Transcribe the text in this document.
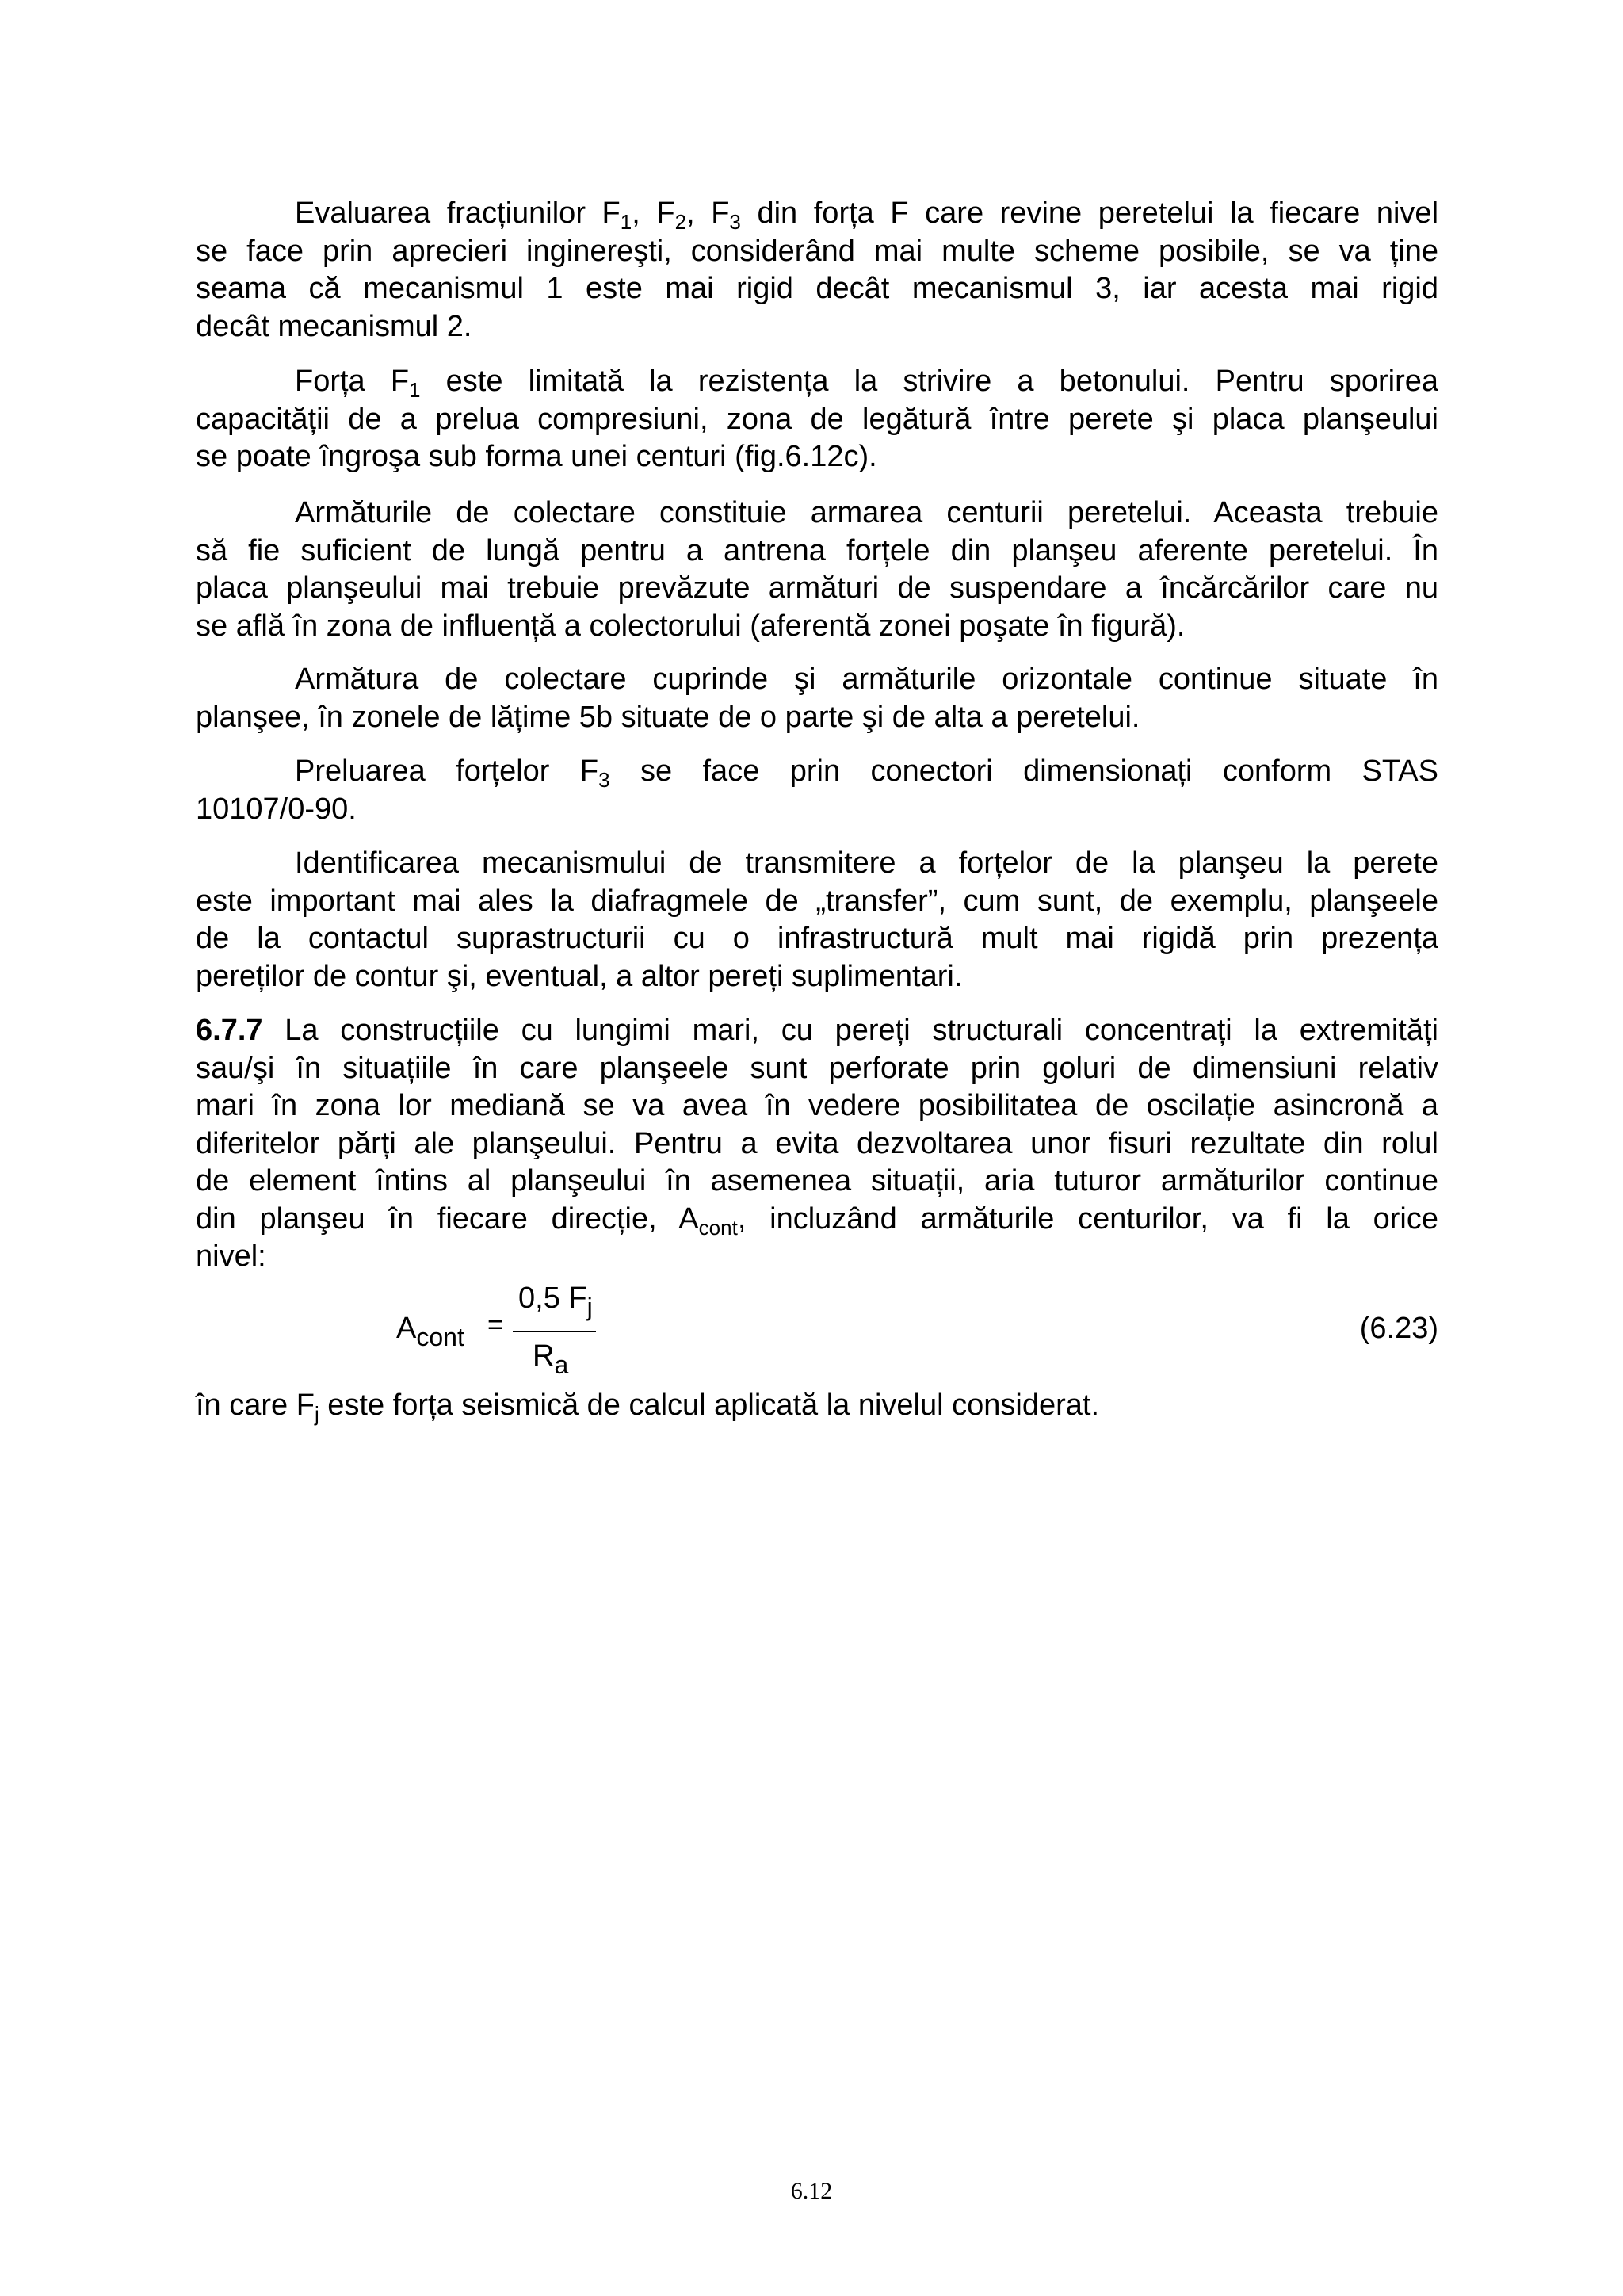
Evaluarea fracțiunilor $F_1$, $F_2$, $F_3$ din forța F care revine peretelui la fiecare nivel
se face prin aprecieri inginereşti, considerând mai multe scheme posibile, se va ține
seama că mecanismul 1 este mai rigid decât mecanismul 3, iar acesta mai rigid
decât mecanismul 2.
Forța $F_1$ este limitată la rezistența la strivire a betonului. Pentru sporirea
capacității de a prelua compresiuni, zona de legătură între perete şi placa planşeului
se poate îngroşa sub forma unei centuri (fig.6.12c).
Armăturile de colectare constituie armarea centurii peretelui. Aceasta trebuie
să fie suficient de lungă pentru a antrena forțele din planşeu aferente peretelui. În
placa planşeului mai trebuie prevăzute armături de suspendare a încărcărilor care nu
se află în zona de influență a colectorului (aferentă zonei poşate în figură).
Armătura de colectare cuprinde şi armăturile orizontale continue situate în
planşee, în zonele de lățime 5b situate de o parte şi de alta a peretelui.
Preluarea forțelor $F_3$ se face prin conectori dimensionați conform STAS
10107/0-90.
Identificarea mecanismului de transmitere a forțelor de la planşeu la perete
este important mai ales la diafragmele de „transfer”, cum sunt, de exemplu, planşeele
de la contactul suprastructurii cu o infrastructură mult mai rigidă prin prezența
pereților de contur şi, eventual, a altor pereți suplimentari.
6.7.7 La construcțiile cu lungimi mari, cu pereți structurali concentrați la extremități
sau/şi în situațiile în care planşeele sunt perforate prin goluri de dimensiuni relativ
mari în zona lor mediană se va avea în vedere posibilitatea de oscilație asincronă a
diferitelor părți ale planşeului. Pentru a evita dezvoltarea unor fisuri rezultate din rolul
de element întins al planşeului în asemenea situații, aria tuturor armăturilor continue
din planşeu în fiecare direcție, $A_{cont}$, incluzând armăturile centurilor, va fi la orice
nivel:
$A_{cont}$ =
0,5 $F_j$
$R_a$
(6.23)
în care $F_j$ este forța seismică de calcul aplicată la nivelul considerat.
6.12
